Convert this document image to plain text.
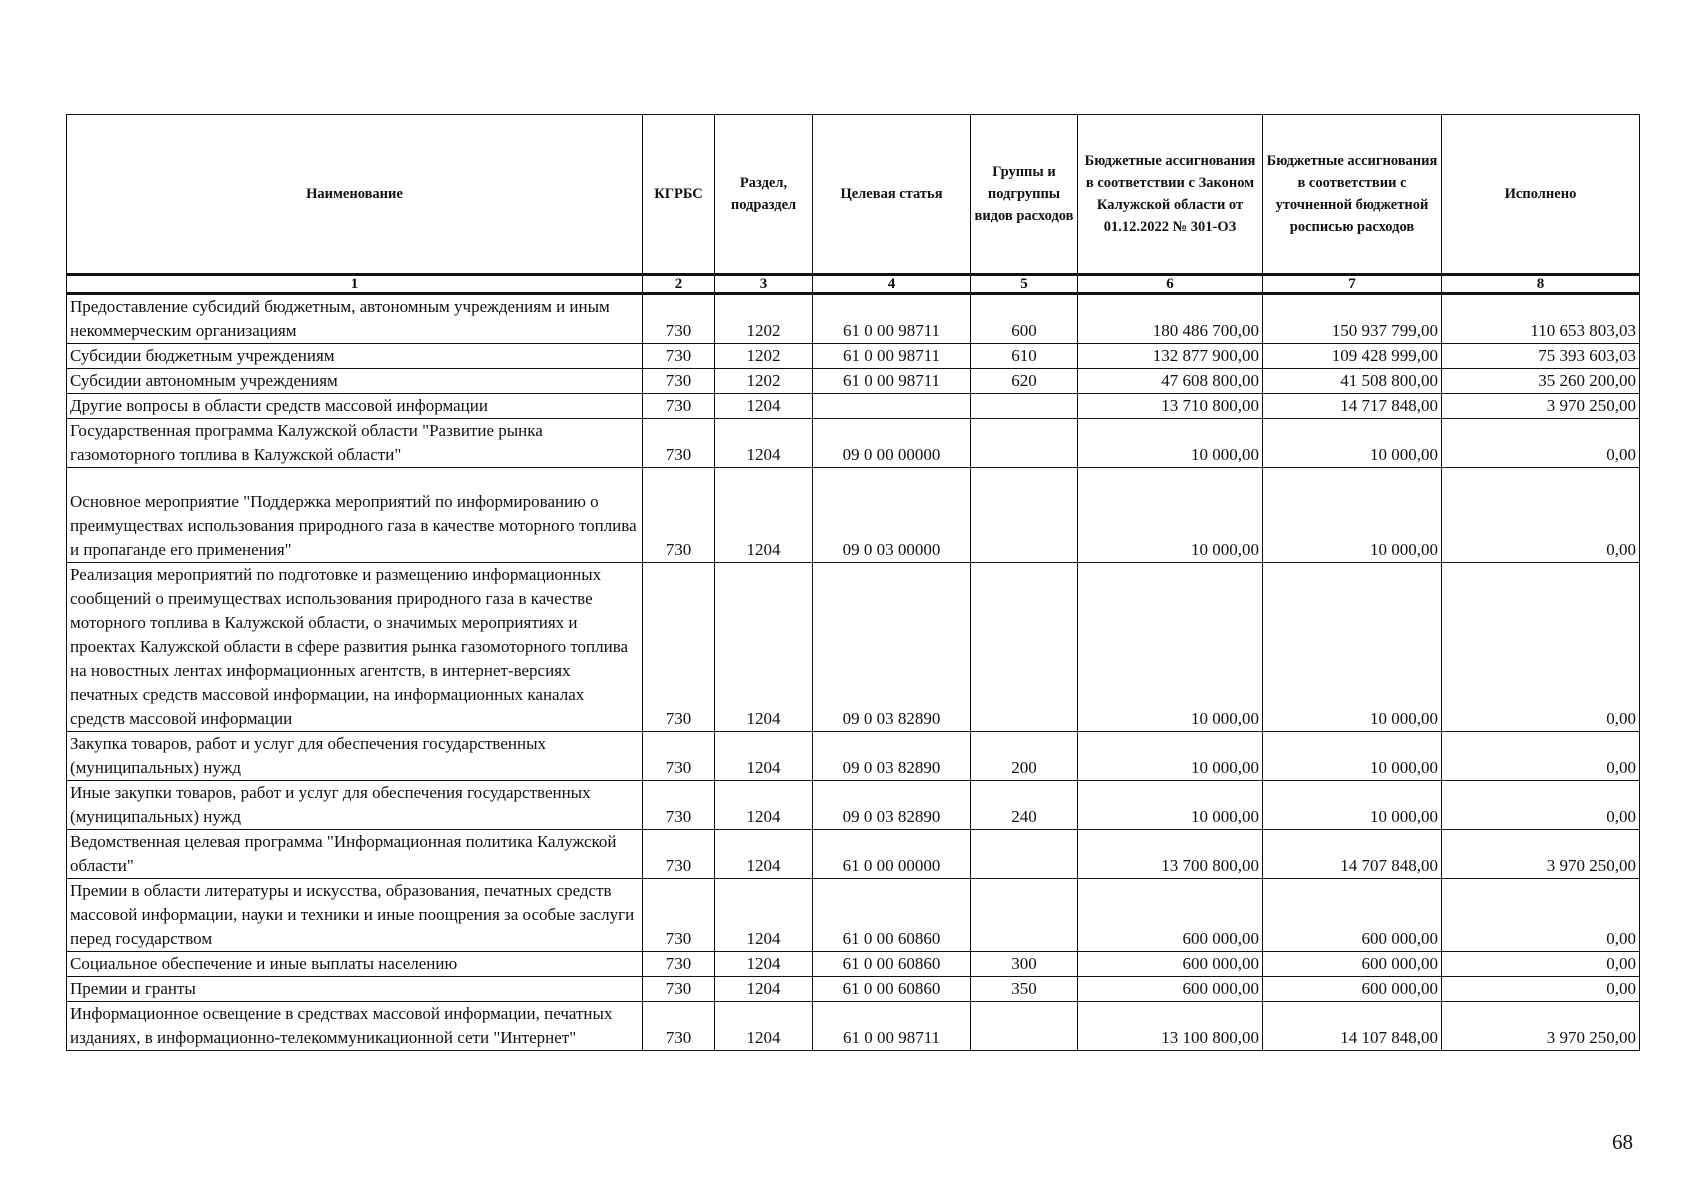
Наименование	КГРБС	Раздел, подраздел	Целевая статья	Группы и подгруппы видов расходов	Бюджетные ассигнования в соответствии с Законом Калужской области от 01.12.2022 № 301-ОЗ	Бюджетные ассигнования в соответствии с уточненной бюджетной росписью расходов	Исполнено
1	2	3	4	5	6	7	8
Предоставление субсидий бюджетным, автономным учреждениям и иным некоммерческим организациям	730	1202	61 0 00 98711	600	180 486 700,00	150 937 799,00	110 653 803,03
Субсидии бюджетным учреждениям	730	1202	61 0 00 98711	610	132 877 900,00	109 428 999,00	75 393 603,03
Субсидии автономным учреждениям	730	1202	61 0 00 98711	620	47 608 800,00	41 508 800,00	35 260 200,00
Другие вопросы в области средств массовой информации	730	1204			13 710 800,00	14 717 848,00	3 970 250,00
Государственная программа Калужской области "Развитие рынка газомоторного топлива в Калужской области"	730	1204	09 0 00 00000		10 000,00	10 000,00	0,00
Основное мероприятие "Поддержка мероприятий по информированию о преимуществах использования природного газа в качестве моторного топлива и пропаганде его применения"	730	1204	09 0 03 00000		10 000,00	10 000,00	0,00
Реализация мероприятий по подготовке и размещению информационных сообщений о преимуществах использования природного газа в качестве моторного топлива в Калужской области, о значимых мероприятиях и проектах Калужской области в сфере развития рынка газомоторного топлива на новостных лентах информационных агентств, в интернет-версиях печатных средств массовой информации, на информационных каналах средств массовой информации	730	1204	09 0 03 82890		10 000,00	10 000,00	0,00
Закупка товаров, работ и услуг для обеспечения государственных (муниципальных) нужд	730	1204	09 0 03 82890	200	10 000,00	10 000,00	0,00
Иные закупки товаров, работ и услуг для обеспечения государственных (муниципальных) нужд	730	1204	09 0 03 82890	240	10 000,00	10 000,00	0,00
Ведомственная целевая программа "Информационная политика Калужской области"	730	1204	61 0 00 00000		13 700 800,00	14 707 848,00	3 970 250,00
Премии в области литературы и искусства, образования, печатных средств массовой информации, науки и техники и иные поощрения за особые заслуги перед государством	730	1204	61 0 00 60860		600 000,00	600 000,00	0,00
Социальное обеспечение и иные выплаты населению	730	1204	61 0 00 60860	300	600 000,00	600 000,00	0,00
Премии и гранты	730	1204	61 0 00 60860	350	600 000,00	600 000,00	0,00
Информационное освещение в средствах массовой информации, печатных изданиях, в информационно-телекоммуникационной сети "Интернет"	730	1204	61 0 00 98711		13 100 800,00	14 107 848,00	3 970 250,00
68
